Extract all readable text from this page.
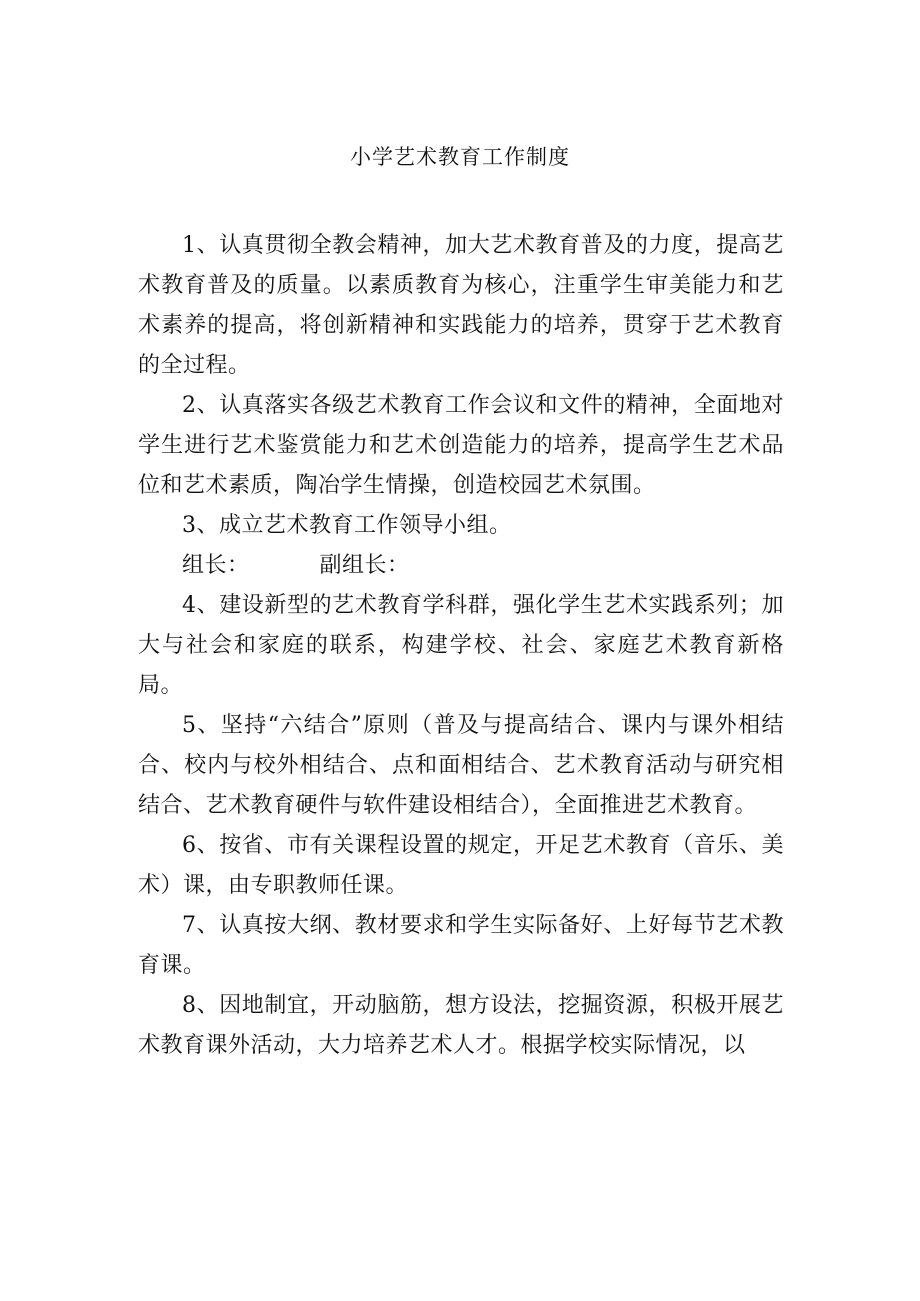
小学艺术教育工作制度

1、认真贯彻全教会精神，加大艺术教育普及的力度，提高艺术教育普及的质量。以素质教育为核心，注重学生审美能力和艺术素养的提高，将创新精神和实践能力的培养，贯穿于艺术教育的全过程。

2、认真落实各级艺术教育工作会议和文件的精神，全面地对学生进行艺术鉴赏能力和艺术创造能力的培养，提高学生艺术品位和艺术素质，陶冶学生情操，创造校园艺术氛围。

3、成立艺术教育工作领导小组。

组长：	副组长：

4、建设新型的艺术教育学科群，强化学生艺术实践系列；加大与社会和家庭的联系，构建学校、社会、家庭艺术教育新格局。

5、坚持“六结合”原则（普及与提高结合、课内与课外相结合、校内与校外相结合、点和面相结合、艺术教育活动与研究相结合、艺术教育硬件与软件建设相结合），全面推进艺术教育。

6、按省、市有关课程设置的规定，开足艺术教育（音乐、美术）课，由专职教师任课。

7、认真按大纲、教材要求和学生实际备好、上好每节艺术教育课。

8、因地制宜，开动脑筋，想方设法，挖掘资源，积极开展艺术教育课外活动，大力培养艺术人才。根据学校实际情况，以
